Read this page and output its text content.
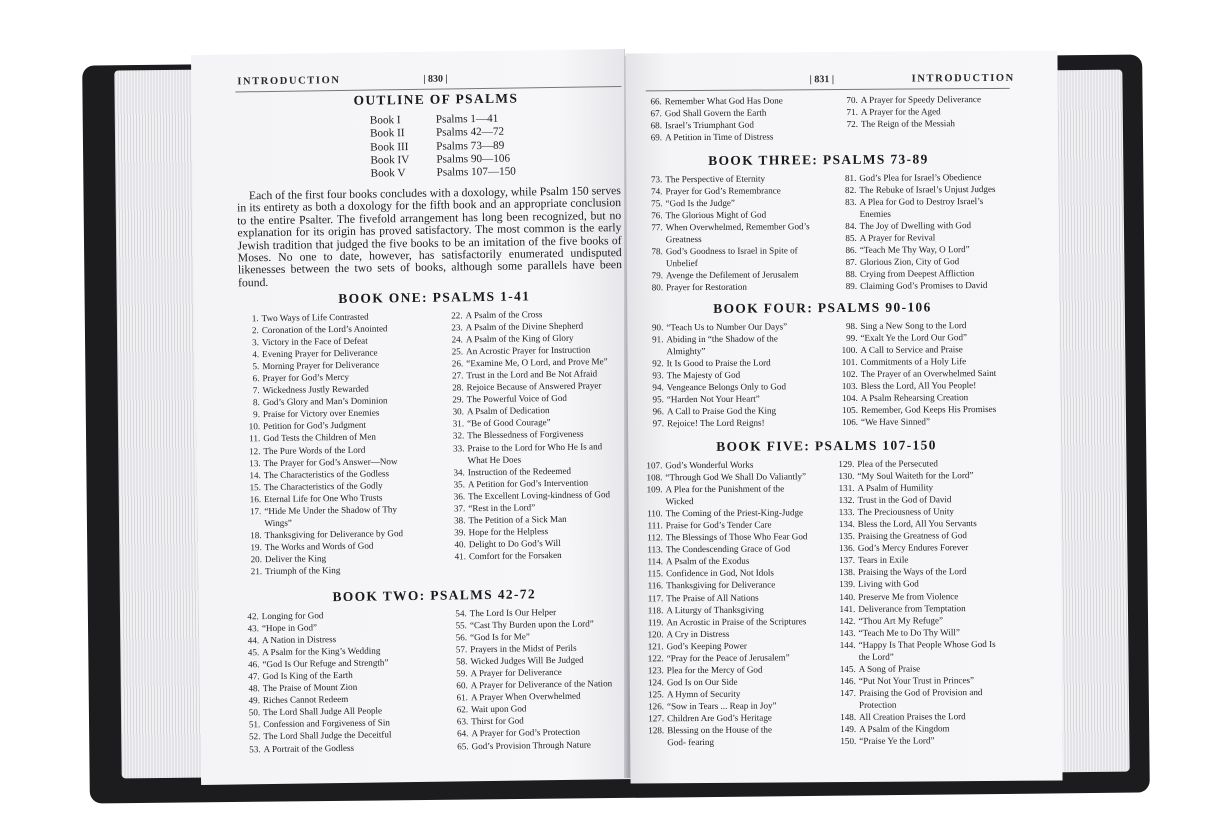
INTRODUCTION	| 830 |
OUTLINE OF PSALMS
Book I	Psalms 1—41
Book II	Psalms 42—72
Book III	Psalms 73—89
Book IV	Psalms 90—106
Book V	Psalms 107—150
Each of the first four books concludes with a doxology, while Psalm 150 serves in its entirety as both a doxology for the fifth book and an appropriate conclusion to the entire Psalter. The fivefold arrangement has long been recognized, but no explanation for its origin has proved satisfactory. The most common is the early Jewish tradition that judged the five books to be an imitation of the five books of Moses. No one to date, however, has satisfactorily enumerated undisputed likenesses between the two sets of books, although some parallels have been found.
BOOK ONE: PSALMS 1-41
1. Two Ways of Life Contrasted
2. Coronation of the Lord’s Anointed
3. Victory in the Face of Defeat
4. Evening Prayer for Deliverance
5. Morning Prayer for Deliverance
6. Prayer for God’s Mercy
7. Wickedness Justly Rewarded
8. God’s Glory and Man’s Dominion
9. Praise for Victory over Enemies
10. Petition for God’s Judgment
11. God Tests the Children of Men
12. The Pure Words of the Lord
13. The Prayer for God’s Answer—Now
14. The Characteristics of the Godless
15. The Characteristics of the Godly
16. Eternal Life for One Who Trusts
17. “Hide Me Under the Shadow of Thy
Wings”
18. Thanksgiving for Deliverance by God
19. The Works and Words of God
20. Deliver the King
21. Triumph of the King
22. A Psalm of the Cross
23. A Psalm of the Divine Shepherd
24. A Psalm of the King of Glory
25. An Acrostic Prayer for Instruction
26. “Examine Me, O Lord, and Prove Me”
27. Trust in the Lord and Be Not Afraid
28. Rejoice Because of Answered Prayer
29. The Powerful Voice of God
30. A Psalm of Dedication
31. “Be of Good Courage”
32. The Blessedness of Forgiveness
33. Praise to the Lord for Who He Is and
What He Does
34. Instruction of the Redeemed
35. A Petition for God’s Intervention
36. The Excellent Loving-kindness of God
37. “Rest in the Lord”
38. The Petition of a Sick Man
39. Hope for the Helpless
40. Delight to Do God’s Will
41. Comfort for the Forsaken
BOOK TWO: PSALMS 42-72
42. Longing for God
43. “Hope in God”
44. A Nation in Distress
45. A Psalm for the King’s Wedding
46. “God Is Our Refuge and Strength”
47. God Is King of the Earth
48. The Praise of Mount Zion
49. Riches Cannot Redeem
50. The Lord Shall Judge All People
51. Confession and Forgiveness of Sin
52. The Lord Shall Judge the Deceitful
53. A Portrait of the Godless
54. The Lord Is Our Helper
55. “Cast Thy Burden upon the Lord”
56. “God Is for Me”
57. Prayers in the Midst of Perils
58. Wicked Judges Will Be Judged
59. A Prayer for Deliverance
60. A Prayer for Deliverance of the Nation
61. A Prayer When Overwhelmed
62. Wait upon God
63. Thirst for God
64. A Prayer for God’s Protection
65. God’s Provision Through Nature
| 831 |	INTRODUCTION
66. Remember What God Has Done
67. God Shall Govern the Earth
68. Israel’s Triumphant God
69. A Petition in Time of Distress
70. A Prayer for Speedy Deliverance
71. A Prayer for the Aged
72. The Reign of the Messiah
BOOK THREE: PSALMS 73-89
73. The Perspective of Eternity
74. Prayer for God’s Remembrance
75. “God Is the Judge”
76. The Glorious Might of God
77. When Overwhelmed, Remember God’s
Greatness
78. God’s Goodness to Israel in Spite of
Unbelief
79. Avenge the Defilement of Jerusalem
80. Prayer for Restoration
81. God’s Plea for Israel’s Obedience
82. The Rebuke of Israel’s Unjust Judges
83. A Plea for God to Destroy Israel’s
Enemies
84. The Joy of Dwelling with God
85. A Prayer for Revival
86. “Teach Me Thy Way, O Lord”
87. Glorious Zion, City of God
88. Crying from Deepest Affliction
89. Claiming God’s Promises to David
BOOK FOUR: PSALMS 90-106
90. “Teach Us to Number Our Days”
91. Abiding in “the Shadow of the
Almighty”
92. It Is Good to Praise the Lord
93. The Majesty of God
94. Vengeance Belongs Only to God
95. “Harden Not Your Heart”
96. A Call to Praise God the King
97. Rejoice! The Lord Reigns!
98. Sing a New Song to the Lord
99. “Exalt Ye the Lord Our God”
100. A Call to Service and Praise
101. Commitments of a Holy Life
102. The Prayer of an Overwhelmed Saint
103. Bless the Lord, All You People!
104. A Psalm Rehearsing Creation
105. Remember, God Keeps His Promises
106. “We Have Sinned”
BOOK FIVE: PSALMS 107-150
107. God’s Wonderful Works
108. “Through God We Shall Do Valiantly”
109. A Plea for the Punishment of the
Wicked
110. The Coming of the Priest-King-Judge
111. Praise for God’s Tender Care
112. The Blessings of Those Who Fear God
113. The Condescending Grace of God
114. A Psalm of the Exodus
115. Confidence in God, Not Idols
116. Thanksgiving for Deliverance
117. The Praise of All Nations
118. A Liturgy of Thanksgiving
119. An Acrostic in Praise of the Scriptures
120. A Cry in Distress
121. God’s Keeping Power
122. “Pray for the Peace of Jerusalem”
123. Plea for the Mercy of God
124. God Is on Our Side
125. A Hymn of Security
126. “Sow in Tears ... Reap in Joy”
127. Children Are God’s Heritage
128. Blessing on the House of the
God- fearing
129. Plea of the Persecuted
130. “My Soul Waiteth for the Lord”
131. A Psalm of Humility
132. Trust in the God of David
133. The Preciousness of Unity
134. Bless the Lord, All You Servants
135. Praising the Greatness of God
136. God’s Mercy Endures Forever
137. Tears in Exile
138. Praising the Ways of the Lord
139. Living with God
140. Preserve Me from Violence
141. Deliverance from Temptation
142. “Thou Art My Refuge”
143. “Teach Me to Do Thy Will”
144. “Happy Is That People Whose God Is
the Lord”
145. A Song of Praise
146. “Put Not Your Trust in Princes”
147. Praising the God of Provision and
Protection
148. All Creation Praises the Lord
149. A Psalm of the Kingdom
150. “Praise Ye the Lord”
